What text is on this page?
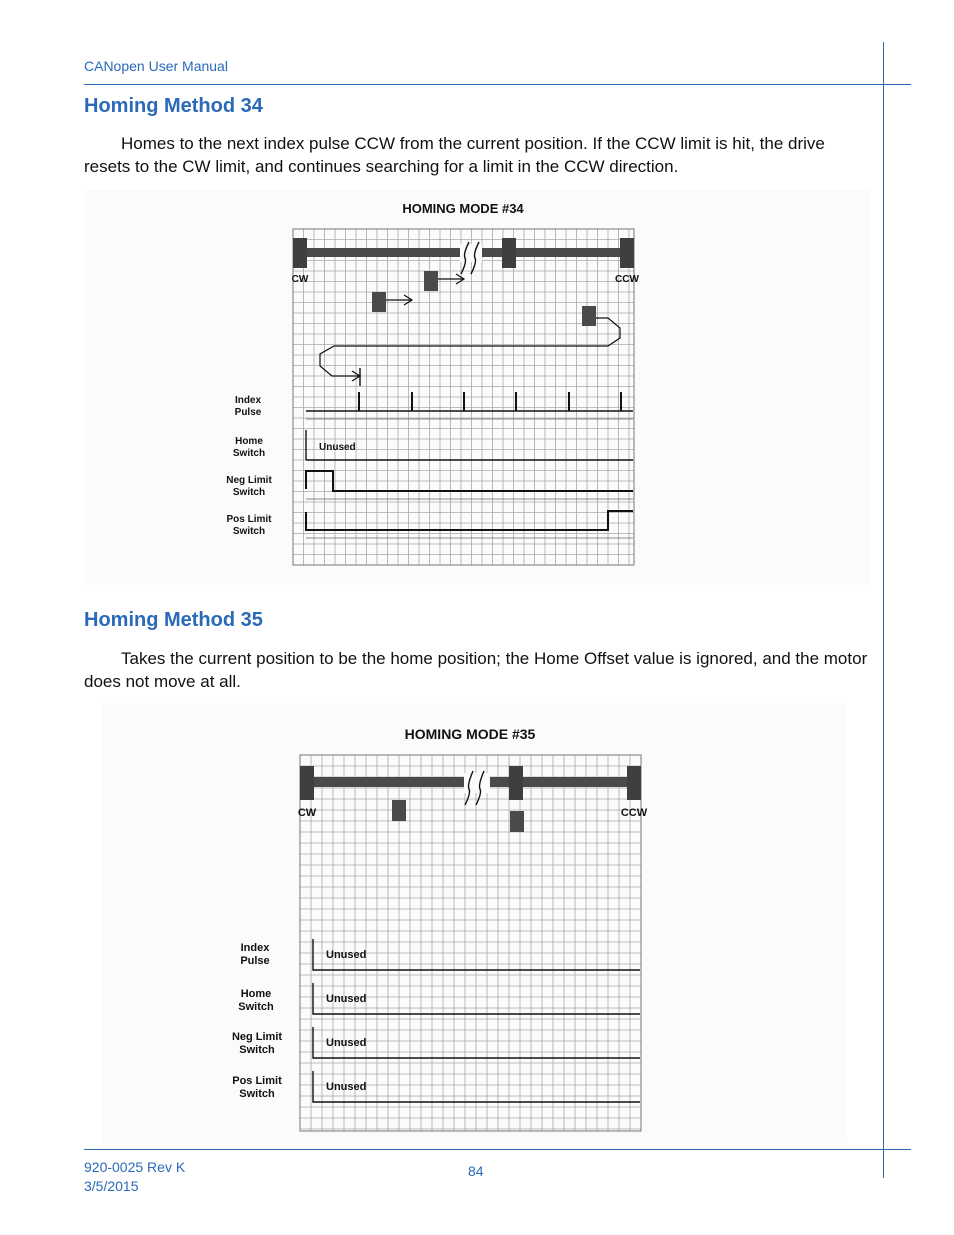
CANopen User Manual
Homing Method 34

Homes to the next index pulse CCW from the current position. If the CCW limit is hit, the drive resets to the CW limit, and continues searching for a limit in the CCW direction.

HOMING MODE #34
CW	CCW
Index
Pulse
Home
Switch
Neg Limit
Switch
Pos Limit
Switch
Unused
Homing Method 35

Takes the current position to be the home position; the Home Offset value is ignored, and the motor does not move at all.

HOMING MODE #35
CW	CCW
Index
Pulse
Home
Switch
Neg Limit
Switch
Pos Limit
Switch
Unused
Unused
Unused
Unused
920-0025 Rev K
3/5/2015
84
